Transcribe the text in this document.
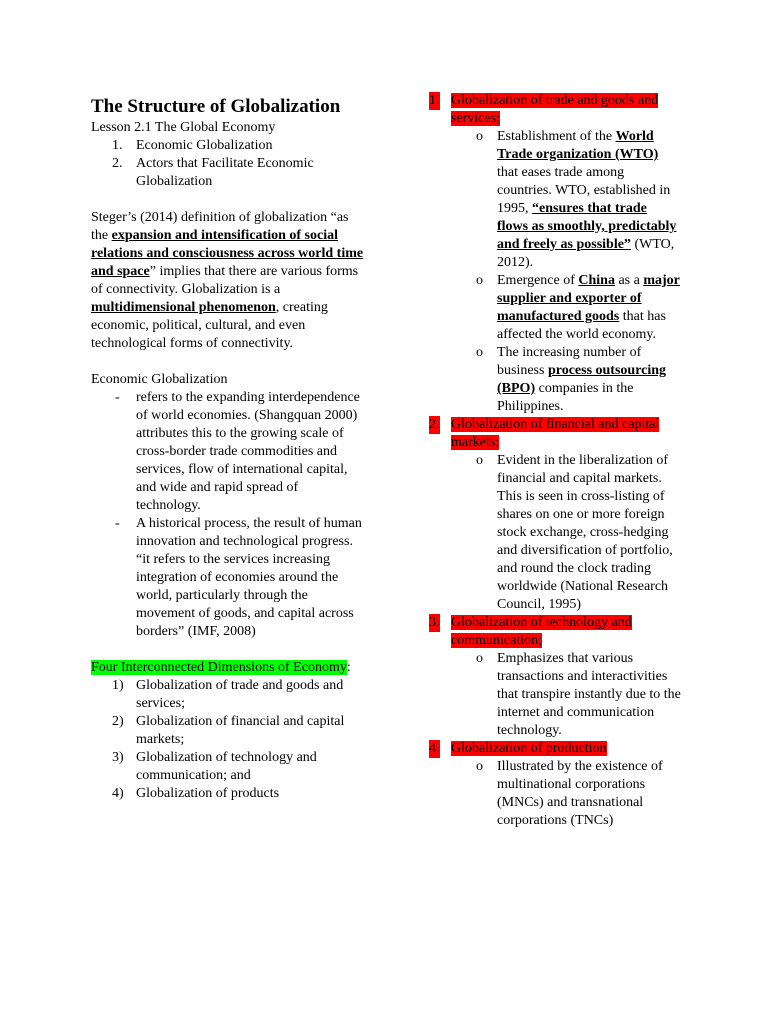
The Structure of Globalization

Lesson 2.1 The Global Economy

1. Economic Globalization
2. Actors that Facilitate Economic Globalization

Steger’s (2014) definition of globalization “as the expansion and intensification of social relations and consciousness across world time and space” implies that there are various forms of connectivity. Globalization is a multidimensional phenomenon, creating economic, political, cultural, and even technological forms of connectivity.

Economic Globalization

- refers to the expanding interdependence of world economies. (Shangquan 2000) attributes this to the growing scale of cross-border trade commodities and services, flow of international capital, and wide and rapid spread of technology.
- A historical process, the result of human innovation and technological progress. “it refers to the services increasing integration of economies around the world, particularly through the movement of goods, and capital across borders” (IMF, 2008)

Four Interconnected Dimensions of Economy:

1) Globalization of trade and goods and services;
2) Globalization of financial and capital markets;
3) Globalization of technology and communication; and
4) Globalization of products
1. Globalization of trade and goods and services;
o Establishment of the World Trade organization (WTO) that eases trade among countries. WTO, established in 1995, “ensures that trade flows as smoothly, predictably and freely as possible” (WTO, 2012).
o Emergence of China as a major supplier and exporter of manufactured goods that has affected the world economy.
o The increasing number of business process outsourcing (BPO) companies in the Philippines.
2. Globalization of financial and capital markets;
o Evident in the liberalization of financial and capital markets. This is seen in cross-listing of shares on one or more foreign stock exchange, cross-hedging and diversification of portfolio, and round the clock trading worldwide (National Research Council, 1995)
3. Globalization of technology and communication;
o Emphasizes that various transactions and interactivities that transpire instantly due to the internet and communication technology.
4. Globalization of production
o Illustrated by the existence of multinational corporations (MNCs) and transnational corporations (TNCs)
